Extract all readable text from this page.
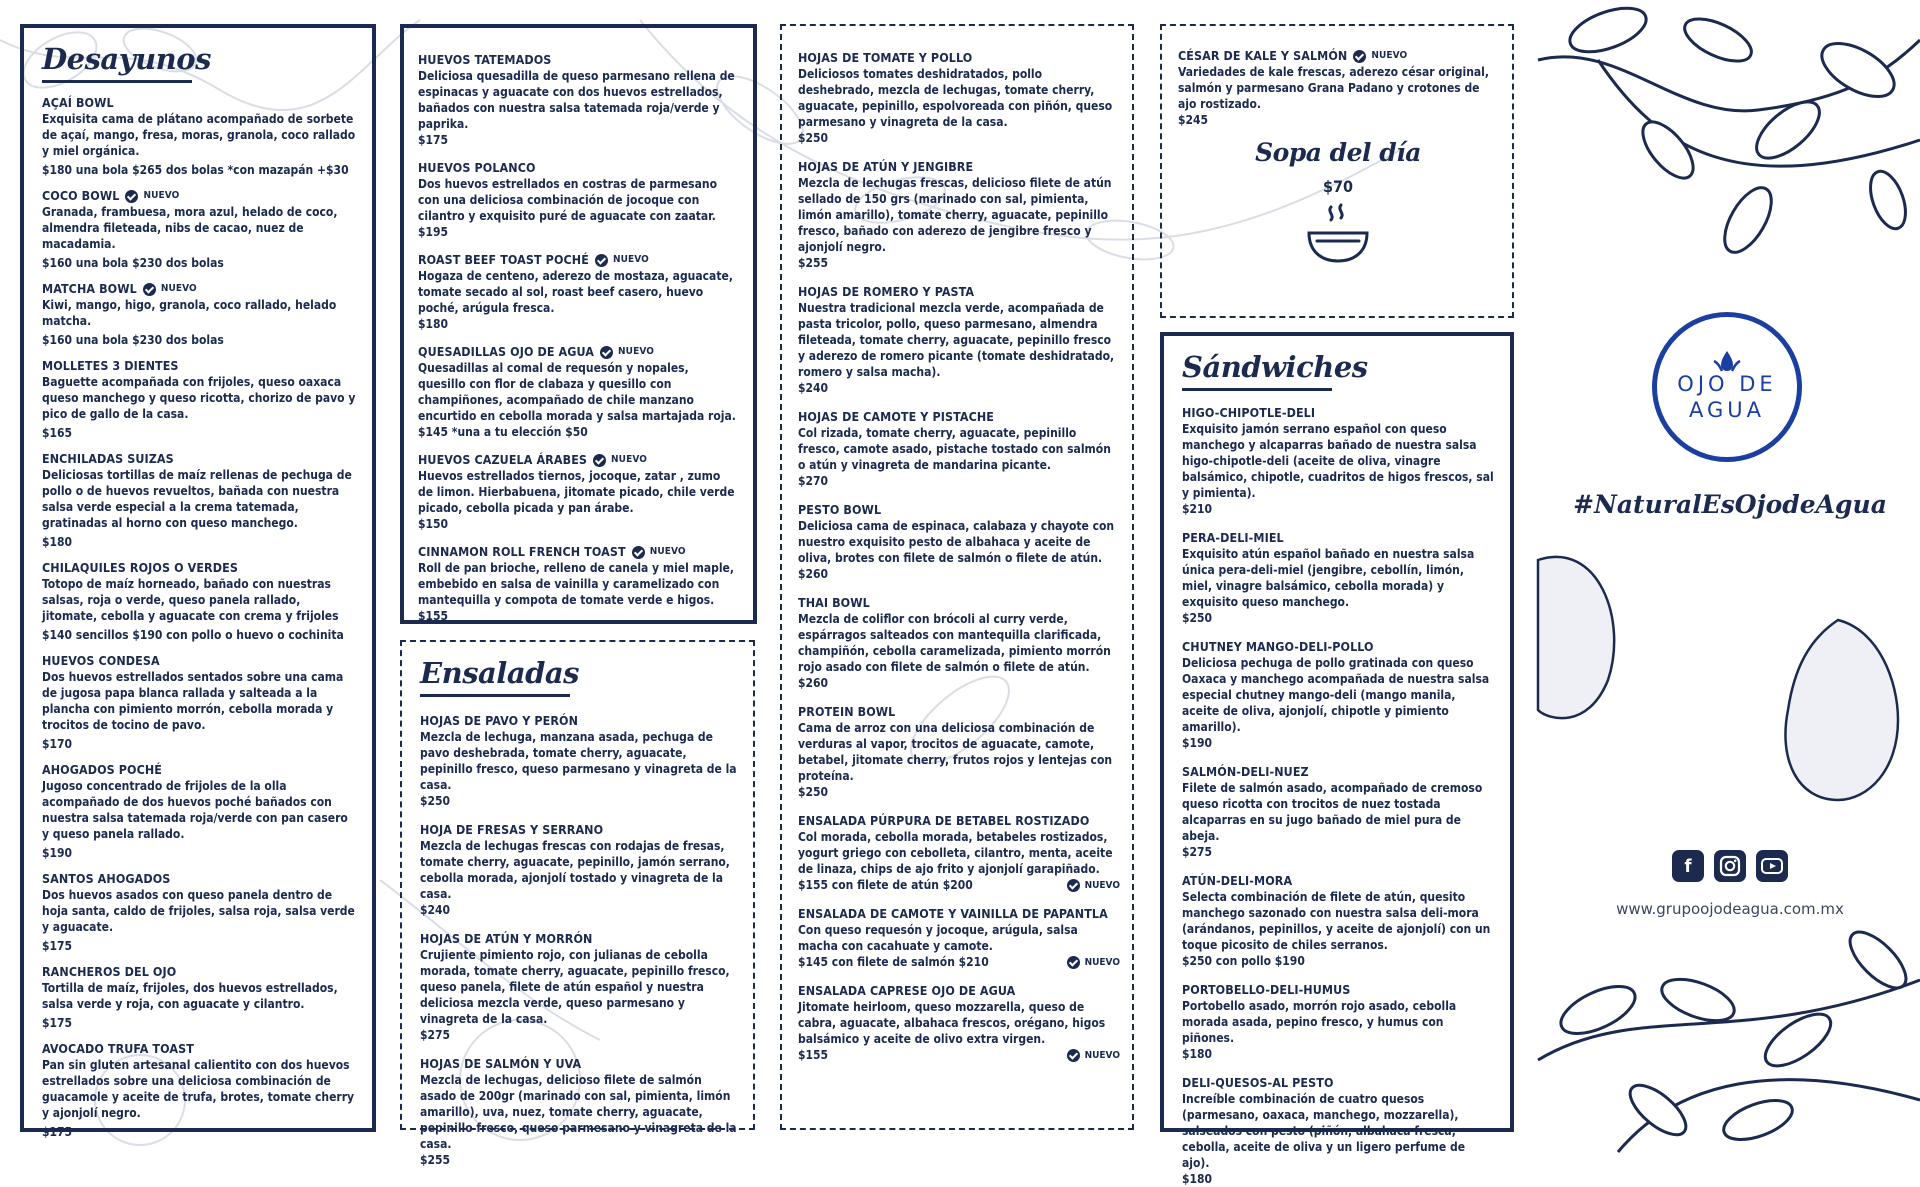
Desayunos
AÇAÍ BOWL
Exquisita cama de plátano acompañado de sorbete de açaí, mango, fresa, moras, granola, coco rallado y miel orgánica.
$180 una bola $265 dos bolas *con mazapán +$30
COCO BOWL NUEVO
Granada, frambuesa, mora azul, helado de coco, almendra fileteada, nibs de cacao, nuez de macadamia.
$160 una bola $230 dos bolas
MATCHA BOWL NUEVO
Kiwi, mango, higo, granola, coco rallado, helado matcha.
$160 una bola $230 dos bolas
MOLLETES 3 DIENTES
Baguette acompañada con frijoles, queso oaxaca queso manchego y queso ricotta, chorizo de pavo y pico de gallo de la casa.
$165
ENCHILADAS SUIZAS
Deliciosas tortillas de maíz rellenas de pechuga de pollo o de huevos revueltos, bañada con nuestra salsa verde especial a la crema tatemada, gratinadas al horno con queso manchego.
$180
CHILAQUILES ROJOS O VERDES
Totopo de maíz horneado, bañado con nuestras salsas, roja o verde, queso panela rallado, jitomate, cebolla y aguacate con crema y frijoles
$140 sencillos $190 con pollo o huevo o cochinita
HUEVOS CONDESA
Dos huevos estrellados sentados sobre una cama de jugosa papa blanca rallada y salteada a la plancha con pimiento morrón, cebolla morada y trocitos de tocino de pavo.
$170
AHOGADOS POCHÉ
Jugoso concentrado de frijoles de la olla acompañado de dos huevos poché bañados con nuestra salsa tatemada roja/verde con pan casero y queso panela rallado.
$190
SANTOS AHOGADOS
Dos huevos asados con queso panela dentro de hoja santa, caldo de frijoles, salsa roja, salsa verde y aguacate.
$175
RANCHEROS DEL OJO
Tortilla de maíz, frijoles, dos huevos estrellados, salsa verde y roja, con aguacate y cilantro.
$175
AVOCADO TRUFA TOAST
Pan sin gluten artesanal calientito con dos huevos estrellados sobre una deliciosa combinación de guacamole y aceite de trufa, brotes, tomate cherry y ajonjolí negro.
$175
HUEVOS TATEMADOS
Deliciosa quesadilla de queso parmesano rellena de espinacas y aguacate con dos huevos estrellados, bañados con nuestra salsa tatemada roja/verde y paprika.
$175
HUEVOS POLANCO
Dos huevos estrellados en costras de parmesano con una deliciosa combinación de jocoque con cilantro y exquisito puré de aguacate con zaatar.
$195
ROAST BEEF TOAST POCHÉ NUEVO
Hogaza de centeno, aderezo de mostaza, aguacate, tomate secado al sol, roast beef casero, huevo poché, arúgula fresca.
$180
QUESADILLAS OJO DE AGUA NUEVO
Quesadillas al comal de requesón y nopales, quesillo con flor de clabaza y quesillo con champiñones, acompañado de chile manzano encurtido en cebolla morada y salsa martajada roja.
$145 *una a tu elección $50
HUEVOS CAZUELA ÁRABES NUEVO
Huevos estrellados tiernos, jocoque, zatar , zumo de limon. Hierbabuena, jitomate picado, chile verde picado, cebolla picada y pan árabe.
$150
CINNAMON ROLL FRENCH TOAST NUEVO
Roll de pan brioche, relleno de canela y miel maple, embebido en salsa de vainilla y caramelizado con mantequilla y compota de tomate verde e higos.
$155
Ensaladas
HOJAS DE PAVO Y PERÓN
Mezcla de lechuga, manzana asada, pechuga de pavo deshebrada, tomate cherry, aguacate, pepinillo fresco, queso parmesano y vinagreta de la casa.
$250
HOJA DE FRESAS Y SERRANO
Mezcla de lechugas frescas con rodajas de fresas, tomate cherry, aguacate, pepinillo, jamón serrano, cebolla morada, ajonjolí tostado y vinagreta de la casa.
$240
HOJAS DE ATÚN Y MORRÓN
Crujiente pimiento rojo, con julianas de cebolla morada, tomate cherry, aguacate, pepinillo fresco, queso panela, filete de atún español y nuestra deliciosa mezcla verde, queso parmesano y vinagreta de la casa.
$275
HOJAS DE SALMÓN Y UVA
Mezcla de lechugas, delicioso filete de salmón asado de 200gr (marinado con sal, pimienta, limón amarillo), uva, nuez, tomate cherry, aguacate, pepinillo fresco, queso parmesano y vinagreta de la casa.
$255
HOJAS DE TOMATE Y POLLO
Deliciosos tomates deshidratados, pollo deshebrado, mezcla de lechugas, tomate cherry, aguacate, pepinillo, espolvoreada con piñón, queso parmesano y vinagreta de la casa.
$250
HOJAS DE ATÚN Y JENGIBRE
Mezcla de lechugas frescas, delicioso filete de atún sellado de 150 grs (marinado con sal, pimienta, limón amarillo), tomate cherry, aguacate, pepinillo fresco, bañado con aderezo de jengibre fresco y ajonjolí negro.
$255
HOJAS DE ROMERO Y PASTA
Nuestra tradicional mezcla verde, acompañada de pasta tricolor, pollo, queso parmesano, almendra fileteada, tomate cherry, aguacate, pepinillo fresco y aderezo de romero picante (tomate deshidratado, romero y salsa macha).
$240
HOJAS DE CAMOTE Y PISTACHE
Col rizada, tomate cherry, aguacate, pepinillo fresco, camote asado, pistache tostado con salmón o atún y vinagreta de mandarina picante.
$270
PESTO BOWL
Deliciosa cama de espinaca, calabaza y chayote con nuestro exquisito pesto de albahaca y aceite de oliva, brotes con filete de salmón o filete de atún.
$260
THAI BOWL
Mezcla de coliflor con brócoli al curry verde, espárragos salteados con mantequilla clarificada, champiñón, cebolla caramelizada, pimiento morrón rojo asado con filete de salmón o filete de atún.
$260
PROTEIN BOWL
Cama de arroz con una deliciosa combinación de verduras al vapor, trocitos de aguacate, camote, betabel, jitomate cherry, frutos rojos y lentejas con proteína.
$250
ENSALADA PÚRPURA DE BETABEL ROSTIZADO
Col morada, cebolla morada, betabeles rostizados, yogurt griego con cebolleta, cilantro, menta, aceite de linaza, chips de ajo frito y ajonjolí garapiñado.
$155 con filete de atún $200	NUEVO
ENSALADA DE CAMOTE Y VAINILLA DE PAPANTLA
Con queso requesón y jocoque, arúgula, salsa macha con cacahuate y camote.
$145 con filete de salmón $210	NUEVO
ENSALADA CAPRESE OJO DE AGUA
Jitomate heirloom, queso mozzarella, queso de cabra, aguacate, albahaca frescos, orégano, higos balsámico y aceite de olivo extra virgen.
$155	NUEVO
CÉSAR DE KALE Y SALMÓN NUEVO
Variedades de kale frescas, aderezo césar original, salmón y parmesano Grana Padano y crotones de ajo rostizado.
$245
Sopa del día
$70
Sándwiches
HIGO-CHIPOTLE-DELI
Exquisito jamón serrano español con queso manchego y alcaparras bañado de nuestra salsa higo-chipotle-deli (aceite de oliva, vinagre balsámico, chipotle, cuadritos de higos frescos, sal y pimienta).
$210
PERA-DELI-MIEL
Exquisito atún español bañado en nuestra salsa única pera-deli-miel (jengibre, cebollín, limón, miel, vinagre balsámico, cebolla morada) y exquisito queso manchego.
$250
CHUTNEY MANGO-DELI-POLLO
Deliciosa pechuga de pollo gratinada con queso Oaxaca y manchego acompañada de nuestra salsa especial chutney mango-deli (mango manila, aceite de oliva, ajonjolí, chipotle y pimiento amarillo).
$190
SALMÓN-DELI-NUEZ
Filete de salmón asado, acompañado de cremoso queso ricotta con trocitos de nuez tostada alcaparras en su jugo bañado de miel pura de abeja.
$275
ATÚN-DELI-MORA
Selecta combinación de filete de atún, quesito manchego sazonado con nuestra salsa deli-mora (arándanos, pepinillos, y aceite de ajonjolí) con un toque picosito de chiles serranos.
$250 con pollo $190
PORTOBELLO-DELI-HUMUS
Portobello asado, morrón rojo asado, cebolla morada asada, pepino fresco, y humus con piñones.
$180
DELI-QUESOS-AL PESTO
Increíble combinación de cuatro quesos (parmesano, oaxaca, manchego, mozzarella), salseados con pesto (piñón, albahaca fresca, cebolla, aceite de oliva y un ligero perfume de ajo).
$180
OJO DE
AGUA
#NaturalEsOjodeAgua
f
www.grupoojodeagua.com.mx
